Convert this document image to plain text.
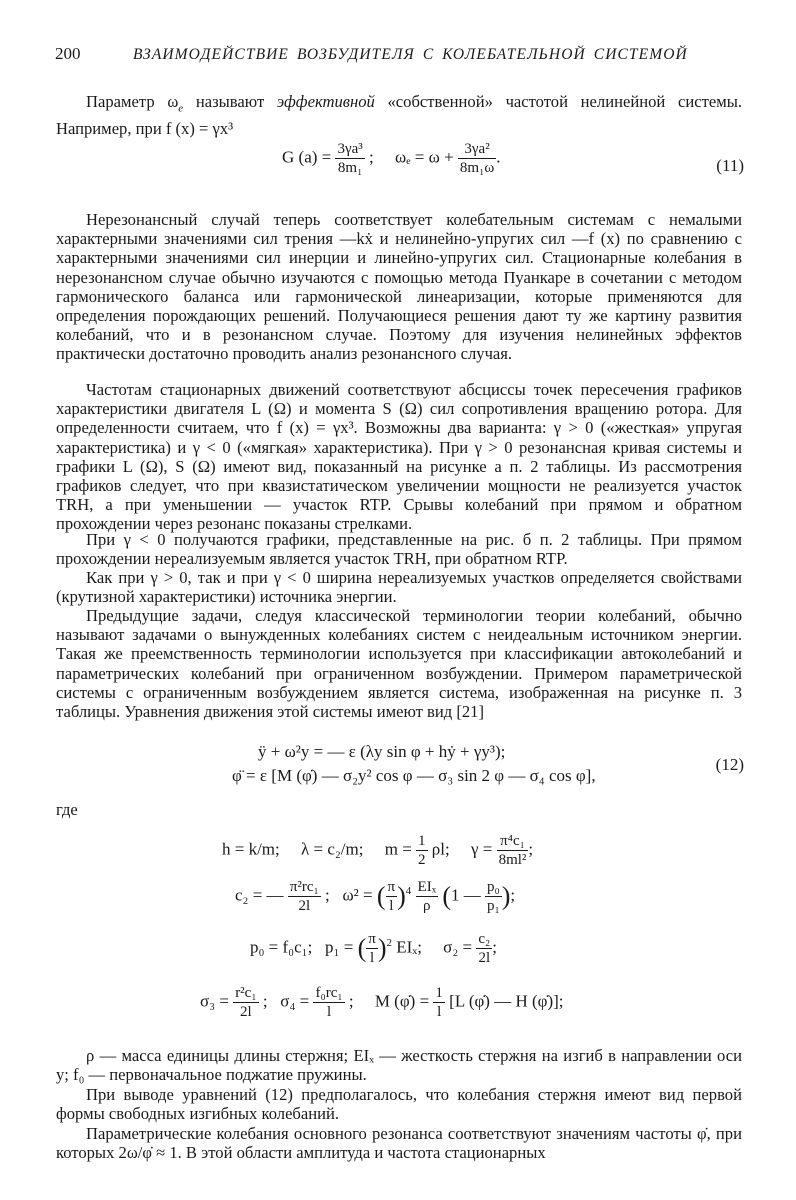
200	ВЗАИМОДЕЙСТВИЕ ВОЗБУДИТЕЛЯ С КОЛЕБАТЕЛЬНОЙ СИСТЕМОЙ

Параметр $\omega_e$ называют эффективной «собственной» частотой нелинейной системы. Например, при f (x) = γx³

G $(a) = \frac{\text{3γa³}}{\text{8m₁}}$ ;     $\omega_e = \omega + \frac{\text{3γa²}}{\text{8m₁ω}}$ .	(11)

Нерезонансный случай теперь соответствует колебательным системам с немалыми характерными значениями сил трения —kẋ и нелинейно-упругих сил —f (x) по сравнению с характерными значениями сил инерции и линейно-упругих сил. Стационарные колебания в нерезонансном случае обычно изучаются с помощью метода Пуанкаре в сочетании с методом гармонического баланса или гармонической линеаризации, которые применяются для определения порождающих решений. Получающиеся решения дают ту же картину развития колебаний, что и в резонансном случае. Поэтому для изучения нелинейных эффектов практически достаточно проводить анализ резонансного случая.

Частотам стационарных движений соответствуют абсциссы точек пересечения графиков характеристики двигателя L (Ω) и момента S (Ω) сил сопротивления вращению ротора. Для определенности считаем, что f (x) = γx³. Возможны два варианта: γ > 0 («жесткая» упругая характеристика) и γ < 0 («мягкая» характеристика). При γ > 0 резонансная кривая системы и графики L (Ω), S (Ω) имеют вид, показанный на рисунке а п. 2 таблицы. Из рассмотрения графиков следует, что при квазистатическом увеличении мощности не реализуется участок TRH, а при уменьшении — участок RTP. Срывы колебаний при прямом и обратном прохождении через резонанс показаны стрелками.

При γ < 0 получаются графики, представленные на рис. б п. 2 таблицы. При прямом прохождении нереализуемым является участок TRH, при обратном RTP.

Как при γ > 0, так и при γ < 0 ширина нереализуемых участков определяется свойствами (крутизной характеристики) источника энергии.

Предыдущие задачи, следуя классической терминологии теории колебаний, обычно называют задачами о вынужденных колебаниях систем с неидеальным источником энергии. Такая же преемственность терминологии используется при классификации автоколебаний и параметрических колебаний при ограниченном возбуждении. Примером параметрической системы с ограниченным возбуждением является система, изображенная на рисунке п. 3 таблицы. Уравнения движения этой системы имеют вид [21]

ÿ + ω²y = — ε (λy sin φ + hẏ + γy³);
φ̈ = ε [M (φ̇) — σ₂y² cos φ — σ₃ sin 2 φ — σ₄ cos φ],
(12)
где
h = k/m;     λ = c₂/m;     $m = \frac{1}{2} \rho l$;     $\gamma = \frac{\text{π⁴c₁}}{\text{8ml²}}$ ;
c₂ = — $\frac{\text{π²rc₁}}{2l}$ ;   ω² = ( $\frac{\pi}{l} )^4 \frac{\text{EIₓ}}{\rho} (1$ — $\frac{\text{p₀}}{\text{p₁}}$ );
p₀ = f₀c₁;   p₁ = ( $\frac{\pi}{l} )^2$ EIₓ;     $\sigma_2 = \frac{\text{c₂}}{2l}$ ;
$\sigma_3 = \frac{\text{r²c₁}}{2l}$ ;   $\sigma_4 = \frac{\text{f₀rc₁}}{l}$ ;     M (φ̇) = $\frac{1}{l} [L$ (φ̇) — H (φ̇)];

ρ — масса единицы длины стержня; EIₓ — жесткость стержня на изгиб в направлении оси y; f₀ — первоначальное поджатие пружины.

При выводе уравнений (12) предполагалось, что колебания стержня имеют вид первой формы свободных изгибных колебаний.

Параметрические колебания основного резонанса соответствуют значениям частоты φ̇, при которых 2ω/φ̇ ≈ 1. В этой области амплитуда и частота стационарных
